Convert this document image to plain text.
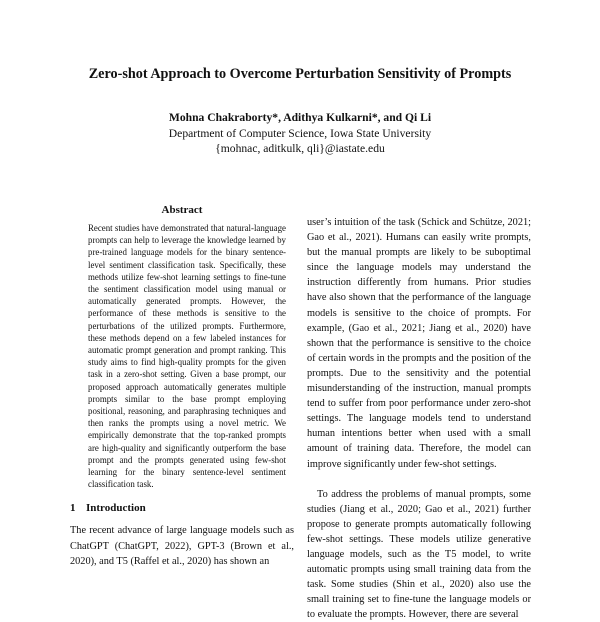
Zero-shot Approach to Overcome Perturbation Sensitivity of Prompts
Mohna Chakraborty*, Adithya Kulkarni*, and Qi Li
Department of Computer Science, Iowa State University
{mohnac, aditkulk, qli}@iastate.edu
Abstract

Recent studies have demonstrated that natural-language prompts can help to leverage the knowledge learned by pre-trained language models for the binary sentence-level sentiment classification task. Specifically, these methods utilize few-shot learning settings to fine-tune the sentiment classification model using manual or automatically generated prompts. However, the performance of these methods is sensitive to the perturbations of the utilized prompts. Furthermore, these methods depend on a few labeled instances for automatic prompt generation and prompt ranking. This study aims to find high-quality prompts for the given task in a zero-shot setting. Given a base prompt, our proposed approach automatically generates multiple prompts similar to the base prompt employing positional, reasoning, and paraphrasing techniques and then ranks the prompts using a novel metric. We empirically demonstrate that the top-ranked prompts are high-quality and significantly outperform the base prompt and the prompts generated using few-shot learning for the binary sentence-level sentiment classification task.

1 Introduction

The recent advance of large language models such as ChatGPT (ChatGPT, 2022), GPT-3 (Brown et al., 2020), and T5 (Raffel et al., 2020) has shown an

user’s intuition of the task (Schick and Schütze, 2021; Gao et al., 2021). Humans can easily write prompts, but the manual prompts are likely to be suboptimal since the language models may understand the instruction differently from humans. Prior studies have also shown that the performance of the language models is sensitive to the choice of prompts. For example, (Gao et al., 2021; Jiang et al., 2020) have shown that the performance is sensitive to the choice of certain words in the prompts and the position of the prompts. Due to the sensitivity and the potential misunderstanding of the instruction, manual prompts tend to suffer from poor performance under zero-shot settings. The language models tend to understand human intentions better when used with a small amount of training data. Therefore, the model can improve significantly under few-shot settings.

To address the problems of manual prompts, some studies (Jiang et al., 2020; Gao et al., 2021) further propose to generate prompts automatically following few-shot settings. These models utilize generative language models, such as the T5 model, to write automatic prompts using small training data from the task. Some studies (Shin et al., 2020) also use the small training set to fine-tune the language models or to evaluate the prompts. However, there are several
